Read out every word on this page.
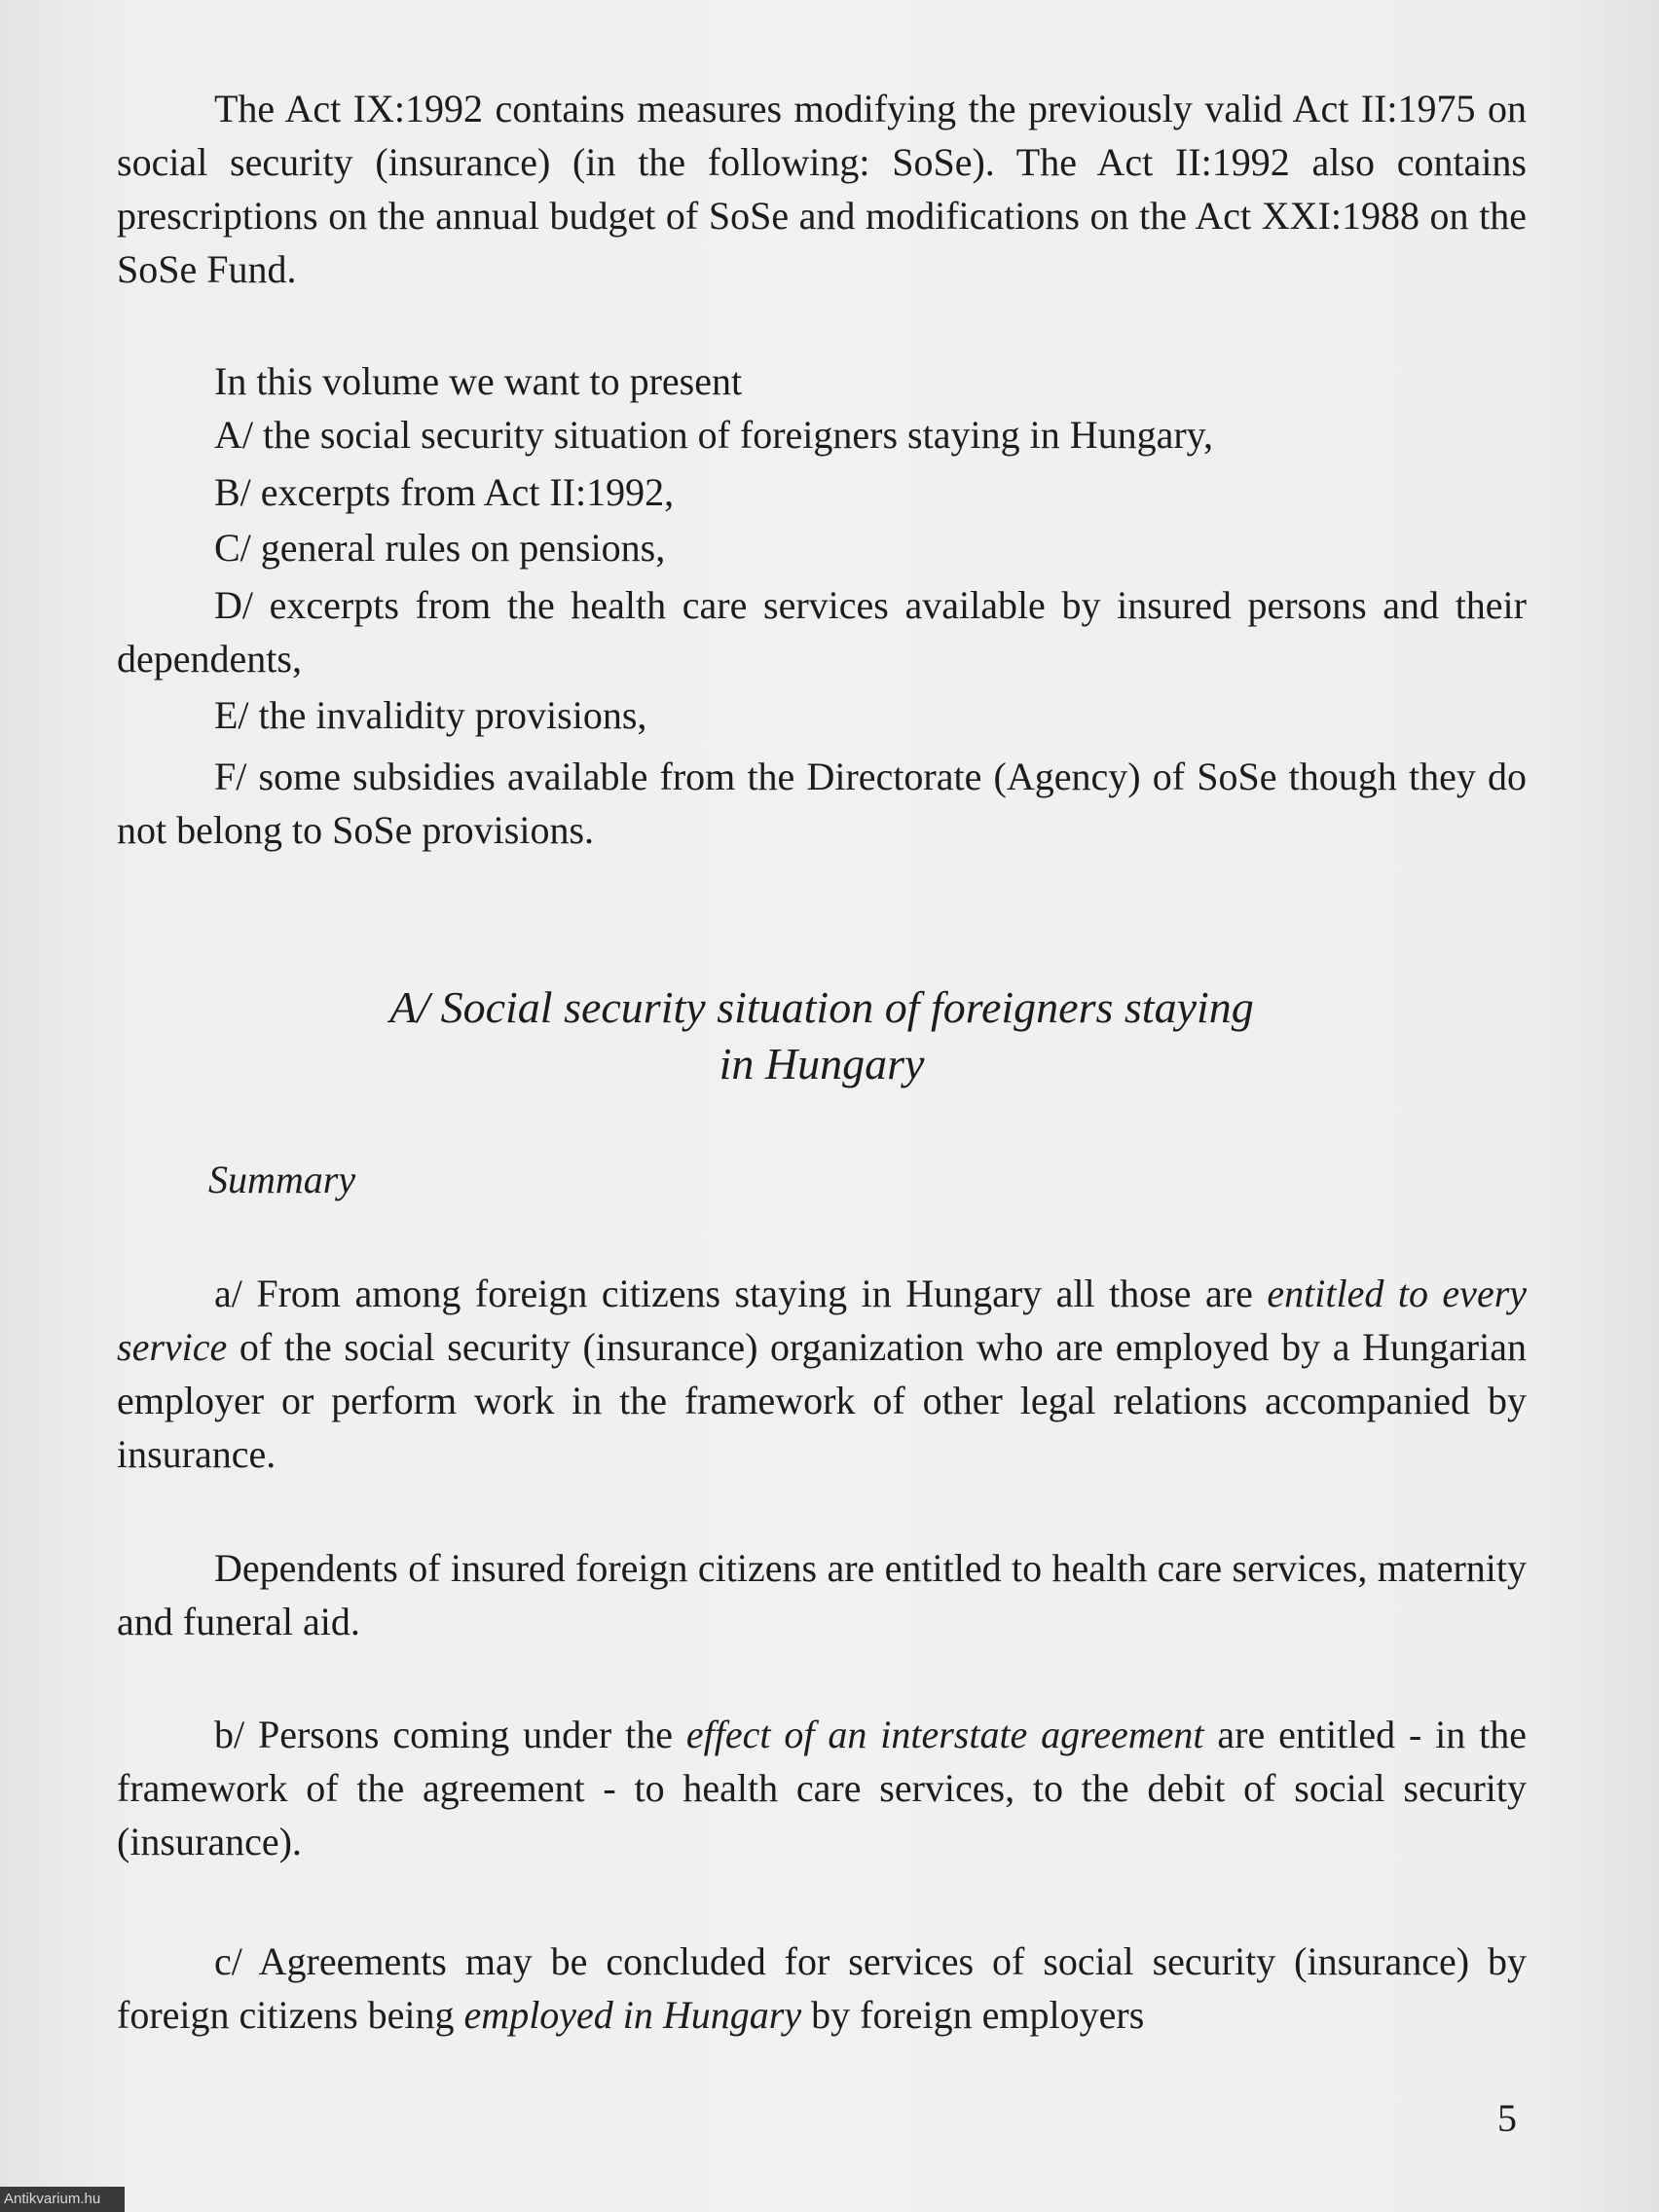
The Act IX:1992 contains measures modifying the previously valid Act II:1975 on social security (insurance) (in the following: SoSe). The Act II:1992 also contains prescriptions on the annual budget of SoSe and modifications on the Act XXI:1988 on the SoSe Fund.

In this volume we want to present
A/ the social security situation of foreigners staying in Hungary,
B/ excerpts from Act II:1992,
C/ general rules on pensions,

D/ excerpts from the health care services available by insured persons and their dependents,

E/ the invalidity provisions,

F/ some subsidies available from the Directorate (Agency) of SoSe though they do not belong to SoSe provisions.

A/ Social security situation of foreigners staying
in Hungary
Summary

a/ From among foreign citizens staying in Hungary all those are entitled to every service of the social security (insurance) organization who are employed by a Hungarian employer or perform work in the framework of other legal relations accompanied by insurance.

Dependents of insured foreign citizens are entitled to health care services, maternity and funeral aid.

b/ Persons coming under the effect of an interstate agreement are entitled - in the framework of the agreement - to health care services, to the debit of social security (insurance).

c/ Agreements may be concluded for services of social security (insurance) by foreign citizens being employed in Hungary by foreign employers

5
Antikvarium.hu
